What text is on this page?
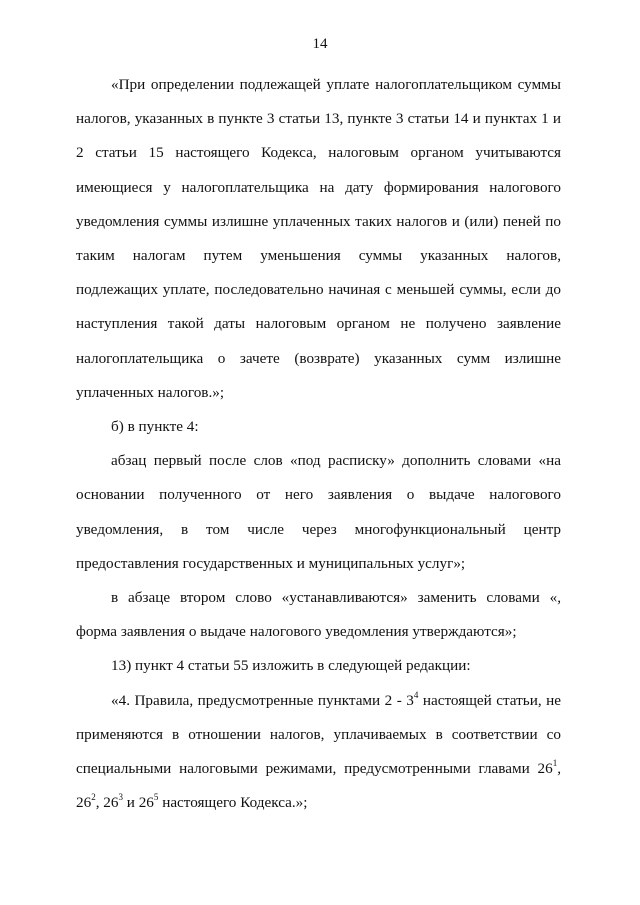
14

«При определении подлежащей уплате налогоплательщиком суммы налогов, указанных в пункте 3 статьи 13, пункте 3 статьи 14 и пунктах 1 и 2 статьи 15 настоящего Кодекса, налоговым органом учитываются имеющиеся у налогоплательщика на дату формирования налогового уведомления суммы излишне уплаченных таких налогов и (или) пеней по таким налогам путем уменьшения суммы указанных налогов, подлежащих уплате, последовательно начиная с меньшей суммы, если до наступления такой даты налоговым органом не получено заявление налогоплательщика о зачете (возврате) указанных сумм излишне уплаченных налогов.»;

б) в пункте 4:

абзац первый после слов «под расписку» дополнить словами «на основании полученного от него заявления о выдаче налогового уведомления, в том числе через многофункциональный центр предоставления государственных и муниципальных услуг»;

в абзаце втором слово «устанавливаются» заменить словами «, форма заявления о выдаче налогового уведомления утверждаются»;

13) пункт 4 статьи 55 изложить в следующей редакции:

«4. Правила, предусмотренные пунктами $2 - 3^4$ настоящей статьи, не применяются в отношении налогов, уплачиваемых в соответствии со специальными налоговыми режимами, предусмотренными главами $26^1$, $26^2$, $26^3$ и $26^5$ настоящего Кодекса.»;
